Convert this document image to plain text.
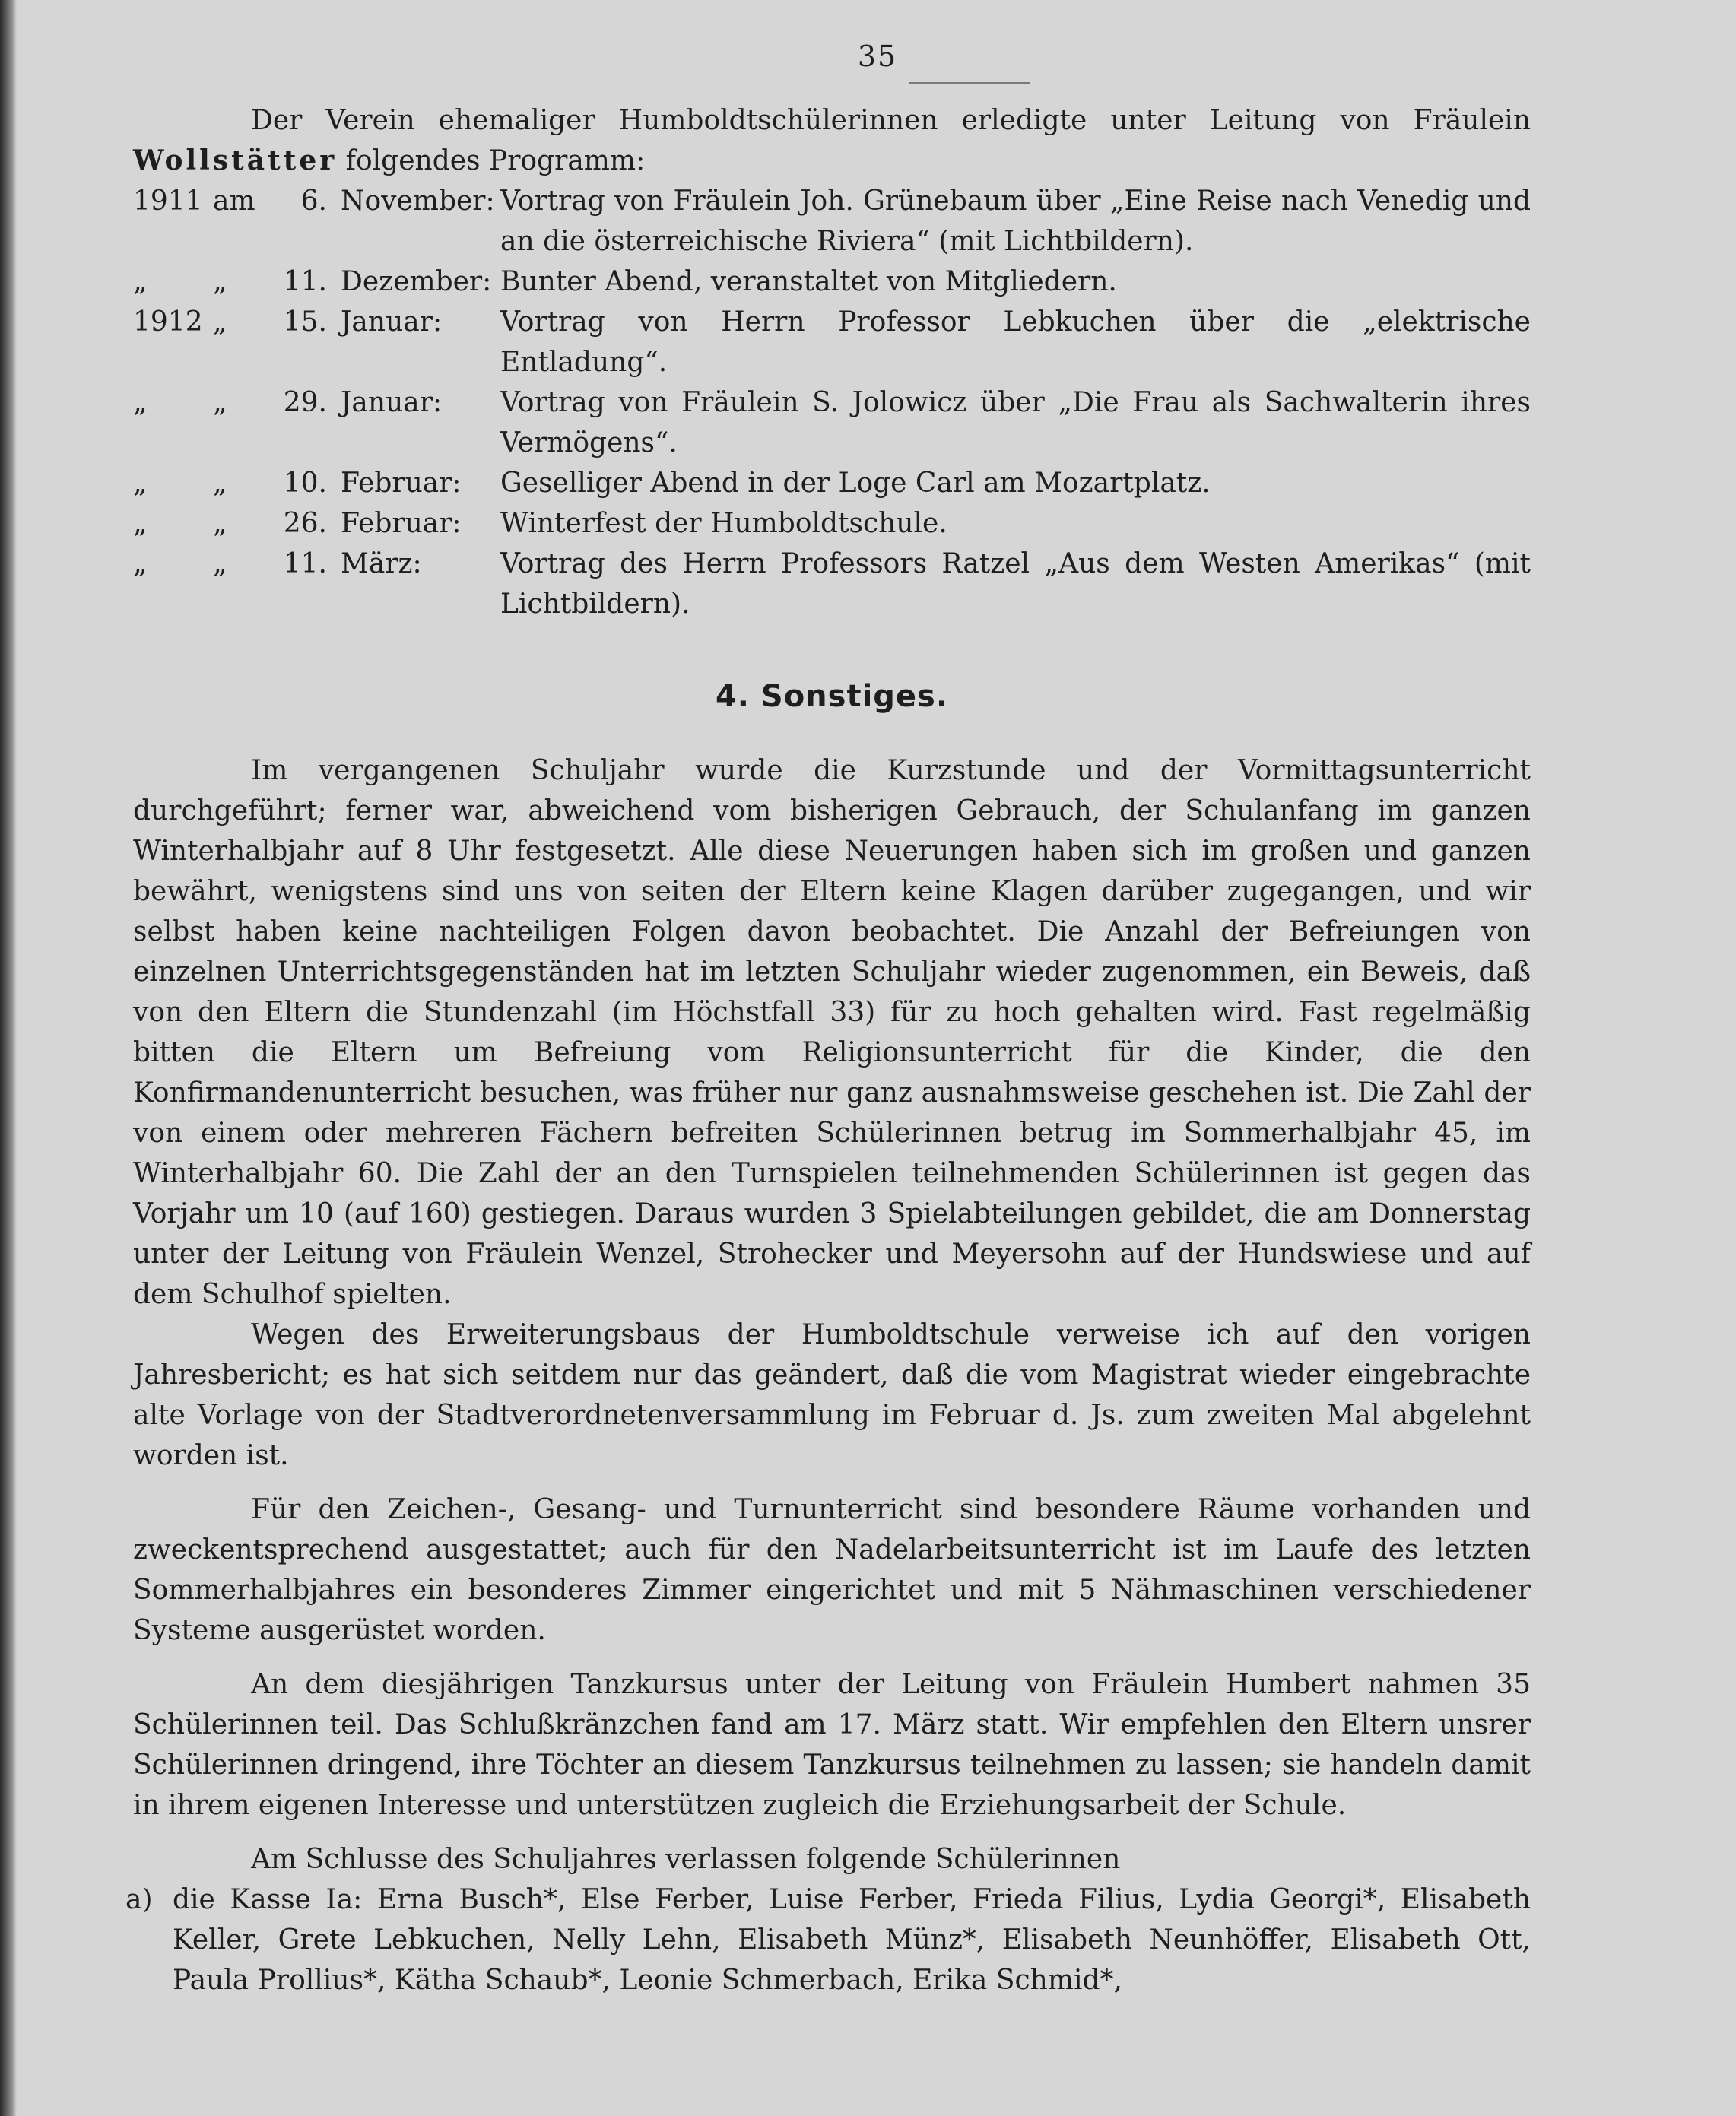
35

Der Verein ehemaliger Humboldtschülerinnen erledigte unter Leitung von Fräulein Wollstätter folgendes Programm:

1911	am	6.	November:	Vortrag von Fräulein Joh. Grünebaum über „Eine Reise nach Venedig und an die österreichische Riviera“ (mit Lichtbildern).
„	„	11.	Dezember:	Bunter Abend, veranstaltet von Mitgliedern.
1912	„	15.	Januar:	Vortrag von Herrn Professor Lebkuchen über die „elektrische Entladung“.
„	„	29.	Januar:	Vortrag von Fräulein S. Jolowicz über „Die Frau als Sachwalterin ihres Vermögens“.
„	„	10.	Februar:	Geselliger Abend in der Loge Carl am Mozartplatz.
„	„	26.	Februar:	Winterfest der Humboldtschule.
„	„	11.	März:	Vortrag des Herrn Professors Ratzel „Aus dem Westen Amerikas“ (mit Lichtbildern).
4. Sonstiges.

Im vergangenen Schuljahr wurde die Kurzstunde und der Vormittagsunterricht durchgeführt; ferner war, abweichend vom bisherigen Gebrauch, der Schulanfang im ganzen Winterhalbjahr auf 8 Uhr festgesetzt. Alle diese Neuerungen haben sich im großen und ganzen bewährt, wenigstens sind uns von seiten der Eltern keine Klagen darüber zugegangen, und wir selbst haben keine nachteiligen Folgen davon beobachtet. Die Anzahl der Befreiungen von einzelnen Unterrichtsgegenständen hat im letzten Schuljahr wieder zugenommen, ein Beweis, daß von den Eltern die Stundenzahl (im Höchstfall 33) für zu hoch gehalten wird. Fast regelmäßig bitten die Eltern um Befreiung vom Religionsunterricht für die Kinder, die den Konfirmandenunterricht besuchen, was früher nur ganz ausnahmsweise geschehen ist. Die Zahl der von einem oder mehreren Fächern befreiten Schülerinnen betrug im Sommerhalbjahr 45, im Winterhalbjahr 60. Die Zahl der an den Turnspielen teilnehmenden Schülerinnen ist gegen das Vorjahr um 10 (auf 160) gestiegen. Daraus wurden 3 Spielabteilungen gebildet, die am Donnerstag unter der Leitung von Fräulein Wenzel, Strohecker und Meyersohn auf der Hundswiese und auf dem Schulhof spielten.

Wegen des Erweiterungsbaus der Humboldtschule verweise ich auf den vorigen Jahresbericht; es hat sich seitdem nur das geändert, daß die vom Magistrat wieder eingebrachte alte Vorlage von der Stadtverordnetenversammlung im Februar d. Js. zum zweiten Mal abgelehnt worden ist.

Für den Zeichen-, Gesang- und Turnunterricht sind besondere Räume vorhanden und zweckentsprechend ausgestattet; auch für den Nadelarbeitsunterricht ist im Laufe des letzten Sommerhalbjahres ein besonderes Zimmer eingerichtet und mit 5 Nähmaschinen verschiedener Systeme ausgerüstet worden.

An dem diesjährigen Tanzkursus unter der Leitung von Fräulein Humbert nahmen 35 Schülerinnen teil. Das Schlußkränzchen fand am 17. März statt. Wir empfehlen den Eltern unsrer Schülerinnen dringend, ihre Töchter an diesem Tanzkursus teilnehmen zu lassen; sie handeln damit in ihrem eigenen Interesse und unterstützen zugleich die Erziehungsarbeit der Schule.

Am Schlusse des Schuljahres verlassen folgende Schülerinnen

a) die Kasse Ia: Erna Busch*, Else Ferber, Luise Ferber, Frieda Filius, Lydia Georgi*, Elisabeth Keller, Grete Lebkuchen, Nelly Lehn, Elisabeth Münz*, Elisabeth Neunhöffer, Elisabeth Ott, Paula Prollius*, Kätha Schaub*, Leonie Schmerbach, Erika Schmid*,
